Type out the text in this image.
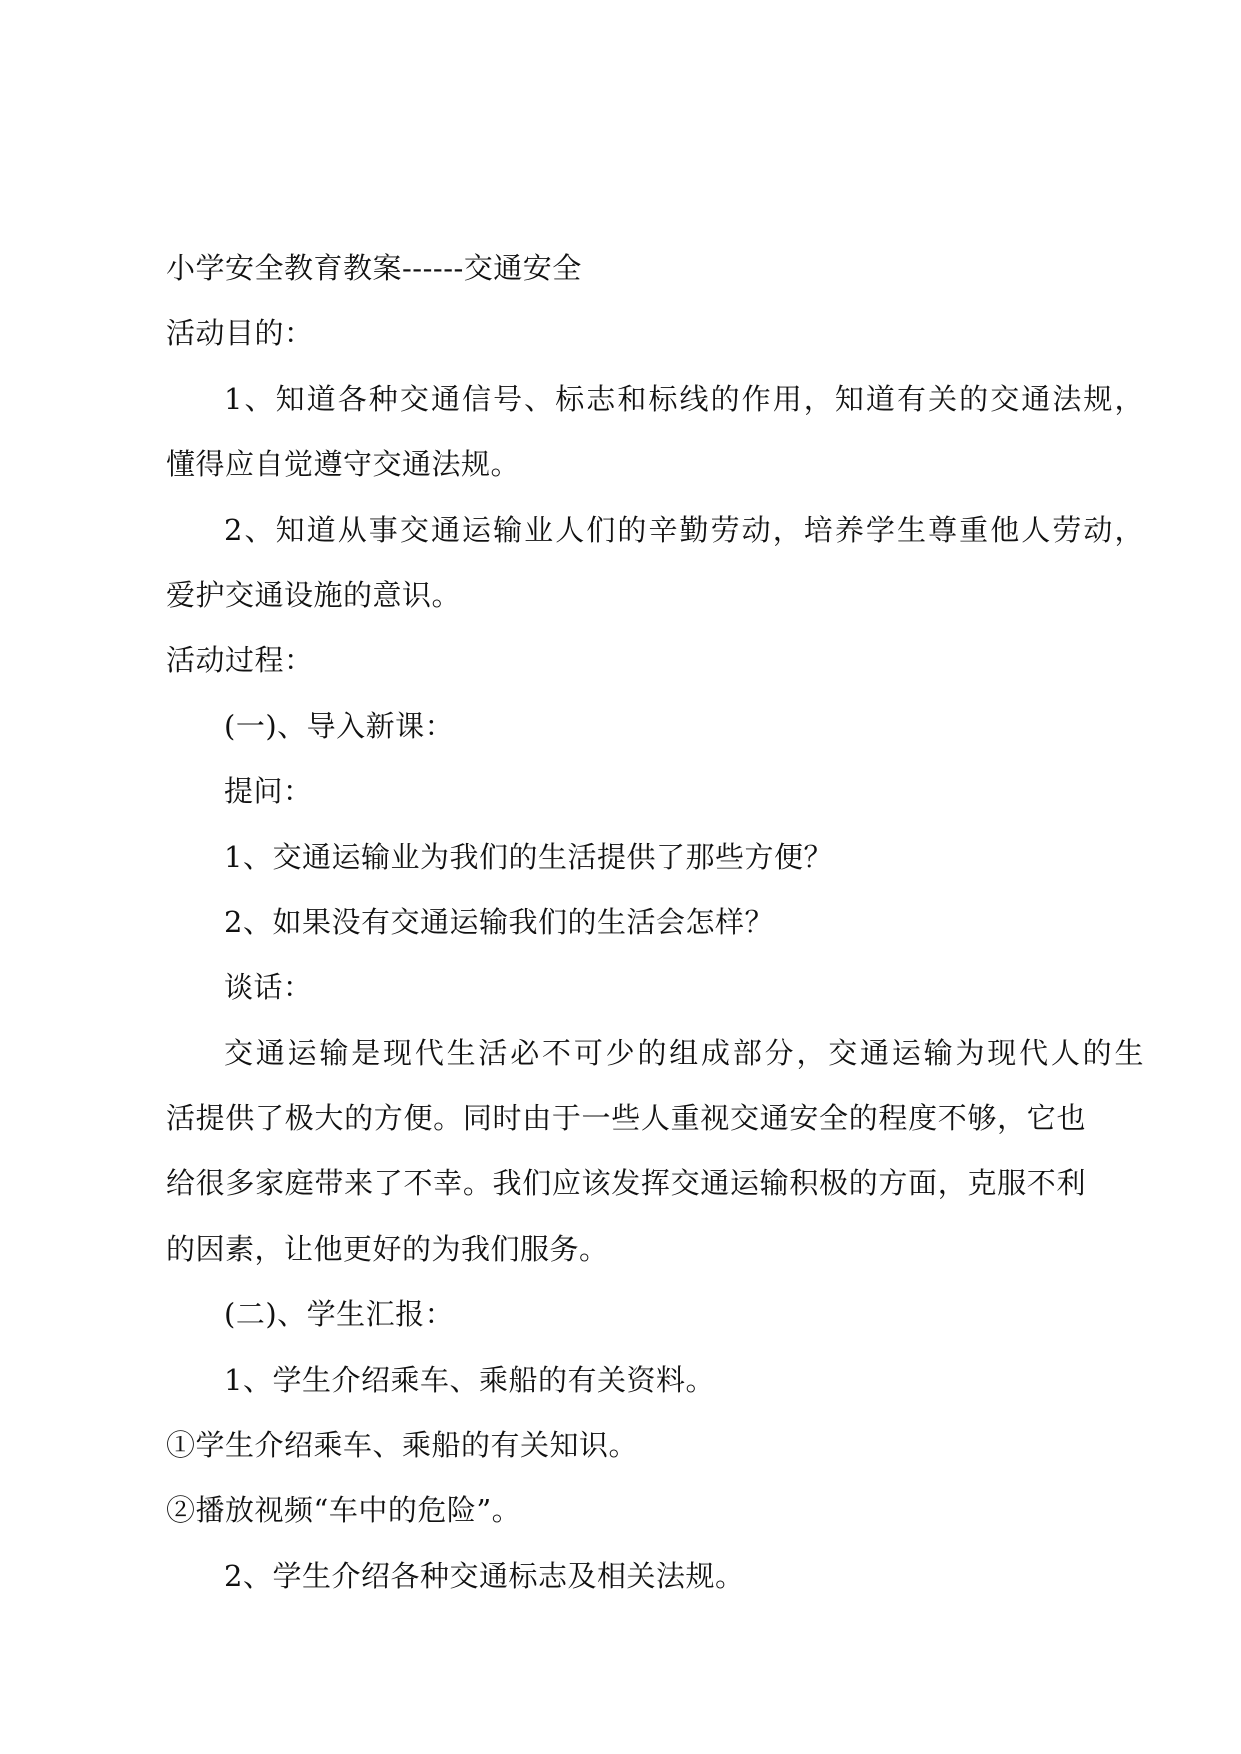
小学安全教育教案------交通安全
活动目的：
1、知道各种交通信号、标志和标线的作用，知道有关的交通法规，
懂得应自觉遵守交通法规。
2、知道从事交通运输业人们的辛勤劳动，培养学生尊重他人劳动，
爱护交通设施的意识。
活动过程：
(一)、导入新课：
提问：
1、交通运输业为我们的生活提供了那些方便？
2、如果没有交通运输我们的生活会怎样？
谈话：
交通运输是现代生活必不可少的组成部分，交通运输为现代人的生
活提供了极大的方便。同时由于一些人重视交通安全的程度不够，它也
给很多家庭带来了不幸。我们应该发挥交通运输积极的方面，克服不利
的因素，让他更好的为我们服务。
(二)、学生汇报：
1、学生介绍乘车、乘船的有关资料。
①学生介绍乘车、乘船的有关知识。
②播放视频“车中的危险”。
2、学生介绍各种交通标志及相关法规。
